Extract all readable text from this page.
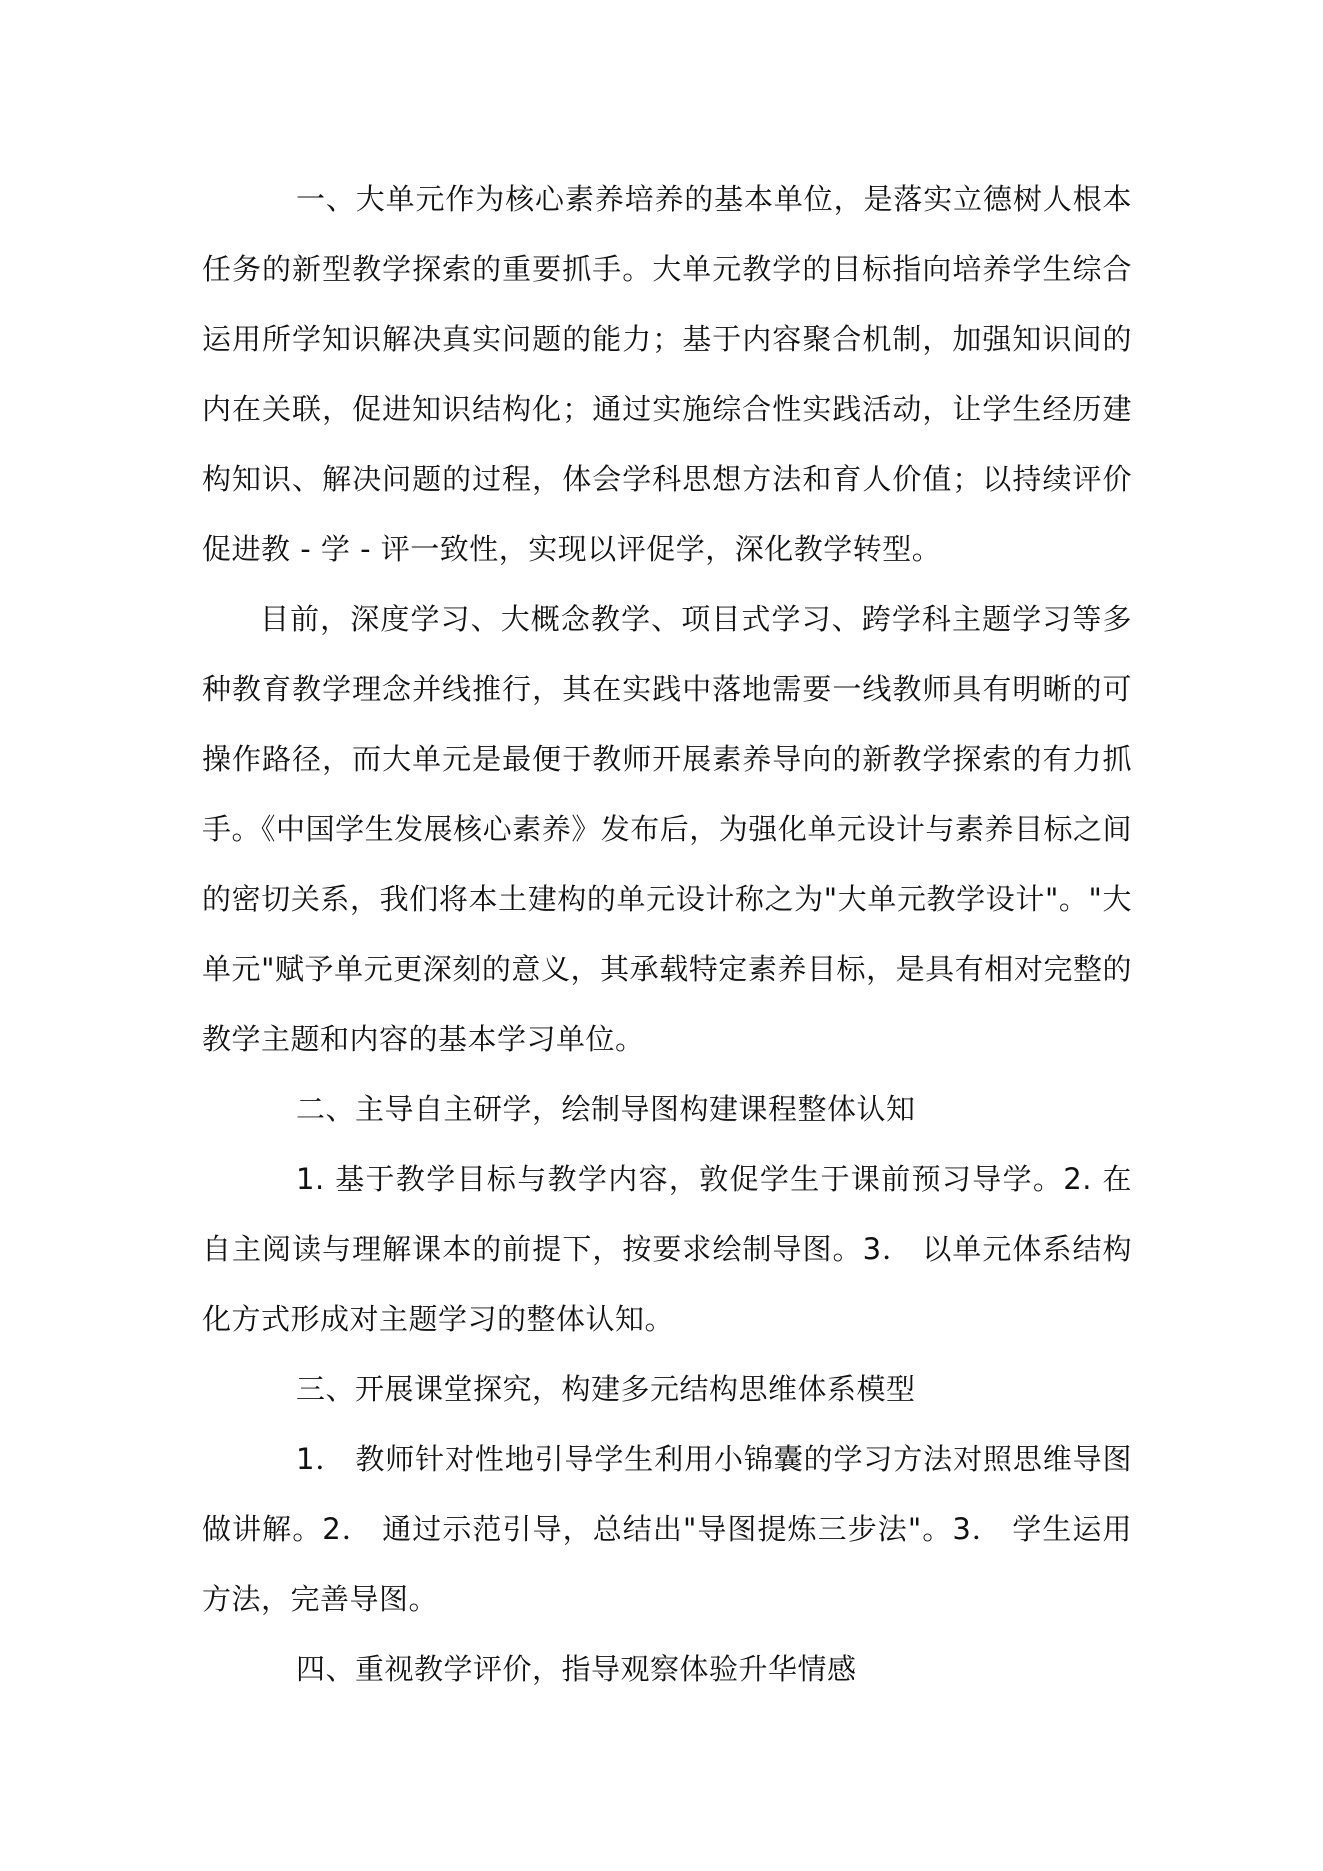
一、大单元作为核心素养培养的基本单位，是落实立德树人根本任务的新型教学探索的重要抓手。大单元教学的目标指向培养学生综合运用所学知识解决真实问题的能力；基于内容聚合机制，加强知识间的内在关联，促进知识结构化；通过实施综合性实践活动，让学生经历建构知识、解决问题的过程，体会学科思想方法和育人价值；以持续评价促进教 - 学 - 评一致性，实现以评促学，深化教学转型。

目前，深度学习、大概念教学、项目式学习、跨学科主题学习等多种教育教学理念并线推行，其在实践中落地需要一线教师具有明晰的可操作路径，而大单元是最便于教师开展素养导向的新教学探索的有力抓手。《中国学生发展核心素养》发布后，为强化单元设计与素养目标之间的密切关系，我们将本土建构的单元设计称之为"大单元教学设计"。"大单元"赋予单元更深刻的意义，其承载特定素养目标，是具有相对完整的教学主题和内容的基本学习单位。

二、主导自主研学，绘制导图构建课程整体认知

1. 基于教学目标与教学内容，敦促学生于课前预习导学。2. 在自主阅读与理解课本的前提下，按要求绘制导图。3． 以单元体系结构化方式形成对主题学习的整体认知。

三、开展课堂探究，构建多元结构思维体系模型

1． 教师针对性地引导学生利用小锦囊的学习方法对照思维导图做讲解。2． 通过示范引导，总结出"导图提炼三步法"。3． 学生运用方法，完善导图。

四、重视教学评价，指导观察体验升华情感
